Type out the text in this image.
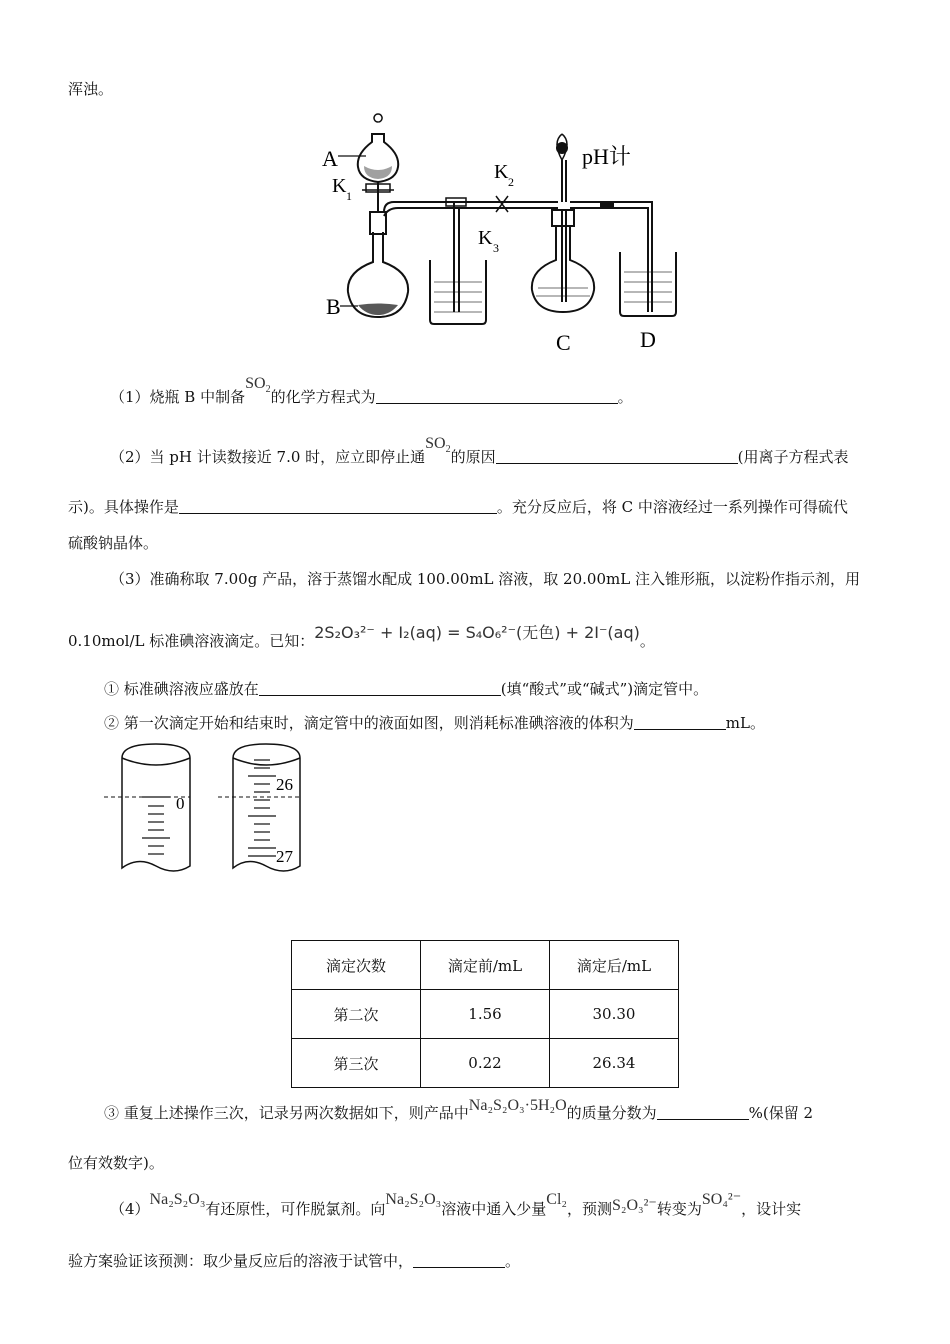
浑浊。
A
K 1
B
K 2
K 3
C	D
pH计
（1）烧瓶 B 中制备$SO_2$的化学方程式为	。
（2）当 pH 计读数接近 7.0 时，应立即停止通$SO_2$的原因	(用离子方程式表
示)。具体操作是	。充分反应后，将 C 中溶液经过一系列操作可得硫代
硫酸钠晶体。
（3）准确称取 7.00g 产品，溶于蒸馏水配成 100.00mL 溶液，取 20.00mL 注入锥形瓶，以淀粉作指示剂，用
0.10mol/L 标准碘溶液滴定。已知：2S₂O₃²⁻ + I₂(aq) = S₄O₆²⁻(无色) + 2I⁻(aq)。
① 标准碘溶液应盛放在	(填“酸式”或“碱式”)滴定管中。
② 第一次滴定开始和结束时，滴定管中的液面如图，则消耗标准碘溶液的体积为	mL。
0
26
27
滴定次数	滴定前/mL	滴定后/mL
第二次	1.56	30.30
第三次	0.22	26.34
③ 重复上述操作三次，记录另两次数据如下，则产品中Na₂S₂O₃·5H₂O的质量分数为	%(保留 2
位有效数字)。
（4）Na₂S₂O₃有还原性，可作脱氯剂。向Na₂S₂O₃溶液中通入少量Cl₂，预测S₂O₃²⁻转变为SO₄²⁻，设计实
验方案验证该预测：取少量反应后的溶液于试管中，	。
